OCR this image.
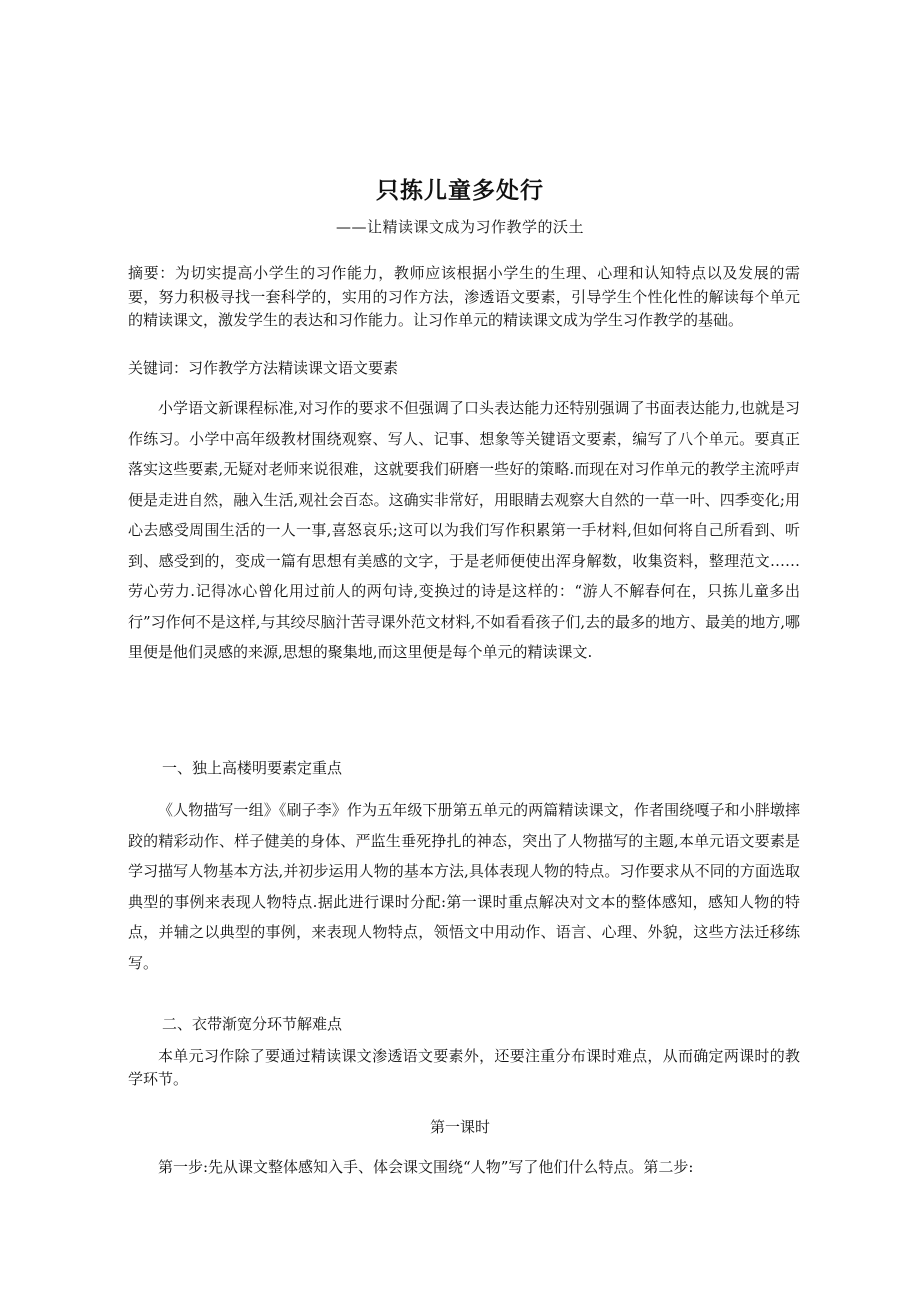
只拣儿童多处行
——让精读课文成为习作教学的沃土
摘要：为切实提高小学生的习作能力，教师应该根据小学生的生理、心理和认知特点以及发展的需要，努力积极寻找一套科学的，实用的习作方法，渗透语文要素，引导学生个性化性的解读每个单元的精读课文，激发学生的表达和习作能力。让习作单元的精读课文成为学生习作教学的基础。
关键词：习作教学方法精读课文语文要素
小学语文新课程标准,对习作的要求不但强调了口头表达能力还特别强调了书面表达能力,也就是习作练习。小学中高年级教材围绕观察、写人、记事、想象等关键语文要素，编写了八个单元。要真正落实这些要素,无疑对老师来说很难，这就要我们研磨一些好的策略.而现在对习作单元的教学主流呼声便是走进自然，融入生活,观社会百态。这确实非常好，用眼睛去观察大自然的一草一叶、四季变化;用心去感受周围生活的一人一事,喜怒哀乐;这可以为我们写作积累第一手材料,但如何将自己所看到、听到、感受到的，变成一篇有思想有美感的文字，于是老师便使出浑身解数，收集资料，整理范文……劳心劳力.记得冰心曾化用过前人的两句诗,变换过的诗是这样的：“游人不解春何在，只拣儿童多出行”习作何不是这样,与其绞尽脑汁苦寻课外范文材料,不如看看孩子们,去的最多的地方、最美的地方,哪里便是他们灵感的来源,思想的聚集地,而这里便是每个单元的精读课文.
一、独上高楼明要素定重点
《人物描写一组》《刷子李》作为五年级下册第五单元的两篇精读课文，作者围绕嘎子和小胖墩摔跤的精彩动作、样子健美的身体、严监生垂死挣扎的神态，突出了人物描写的主题,本单元语文要素是学习描写人物基本方法,并初步运用人物的基本方法,具体表现人物的特点。习作要求从不同的方面选取典型的事例来表现人物特点.据此进行课时分配:第一课时重点解决对文本的整体感知，感知人物的特点，并辅之以典型的事例，来表现人物特点，领悟文中用动作、语言、心理、外貌，这些方法迁移练写。
二、衣带渐宽分环节解难点
本单元习作除了要通过精读课文渗透语文要素外，还要注重分布课时难点，从而确定两课时的教学环节。
第一课时
第一步:先从课文整体感知入手、体会课文围绕“人物”写了他们什么特点。第二步:
